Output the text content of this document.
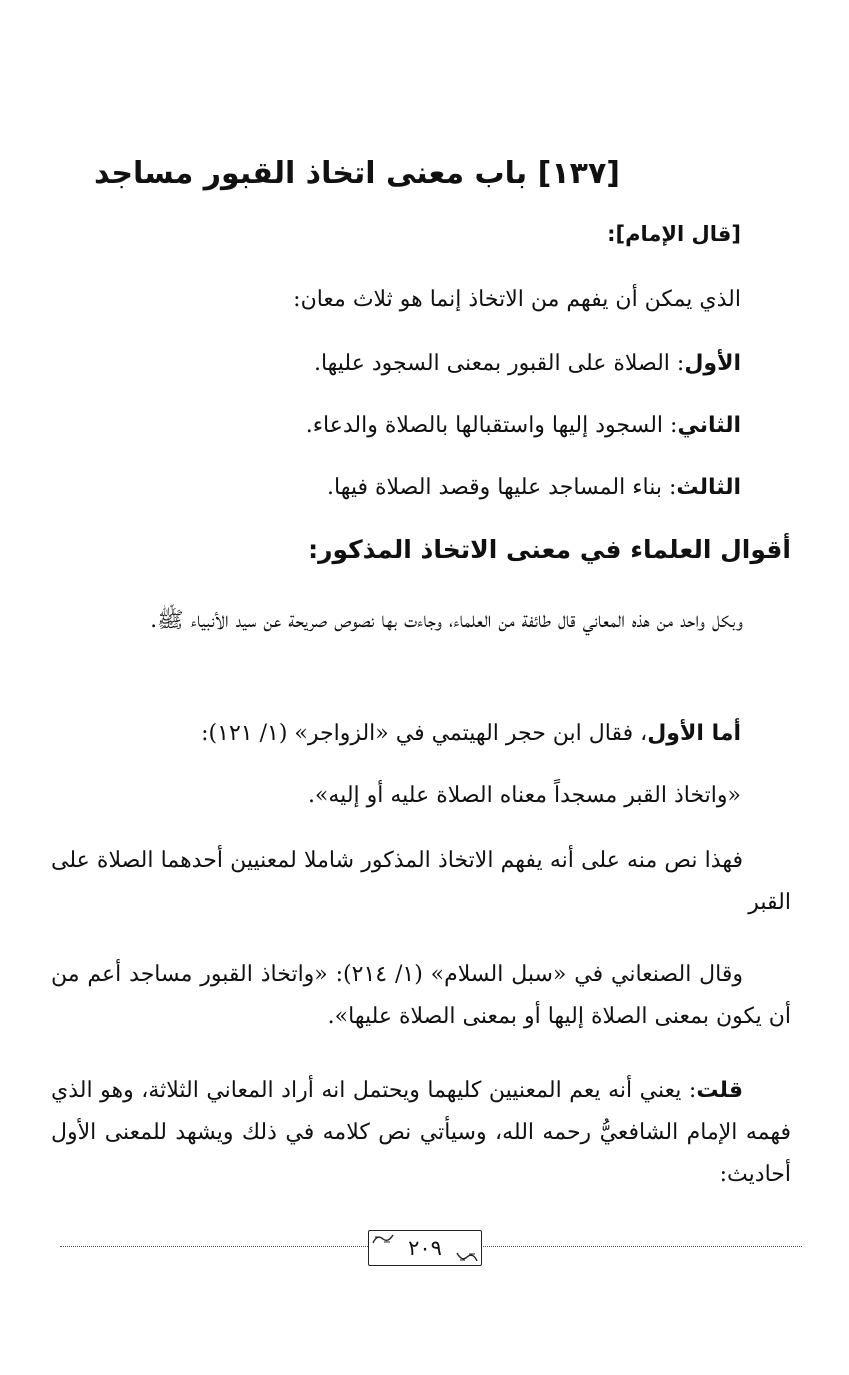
[١٣٧] باب معنى اتخاذ القبور مساجد
[قال الإمام]:
الذي يمكن أن يفهم من الاتخاذ إنما هو ثلاث معان:
الأول: الصلاة على القبور بمعنى السجود عليها.
الثاني: السجود إليها واستقبالها بالصلاة والدعاء.
الثالث: بناء المساجد عليها وقصد الصلاة فيها.
أقوال العلماء في معنى الاتخاذ المذكور:
وبكل واحد من هذه المعاني قال طائفة من العلماء، وجاءت بها نصوص صريحة عن سيد الأنبياء ﷺ.
أما الأول، فقال ابن حجر الهيتمي في «الزواجر» (١/ ١٢١):
«واتخاذ القبر مسجداً معناه الصلاة عليه أو إليه».
فهذا نص منه على أنه يفهم الاتخاذ المذكور شاملا لمعنيين أحدهما الصلاة على القبر
وقال الصنعاني في «سبل السلام» (١/ ٢١٤): «واتخاذ القبور مساجد أعم من أن يكون بمعنى الصلاة إليها أو بمعنى الصلاة عليها».
قلت: يعني أنه يعم المعنيين كليهما ويحتمل انه أراد المعاني الثلاثة، وهو الذي فهمه الإمام الشافعيُّ رحمه الله، وسيأتي نص كلامه في ذلك ويشهد للمعنى الأول أحاديث:
٢٠٩
